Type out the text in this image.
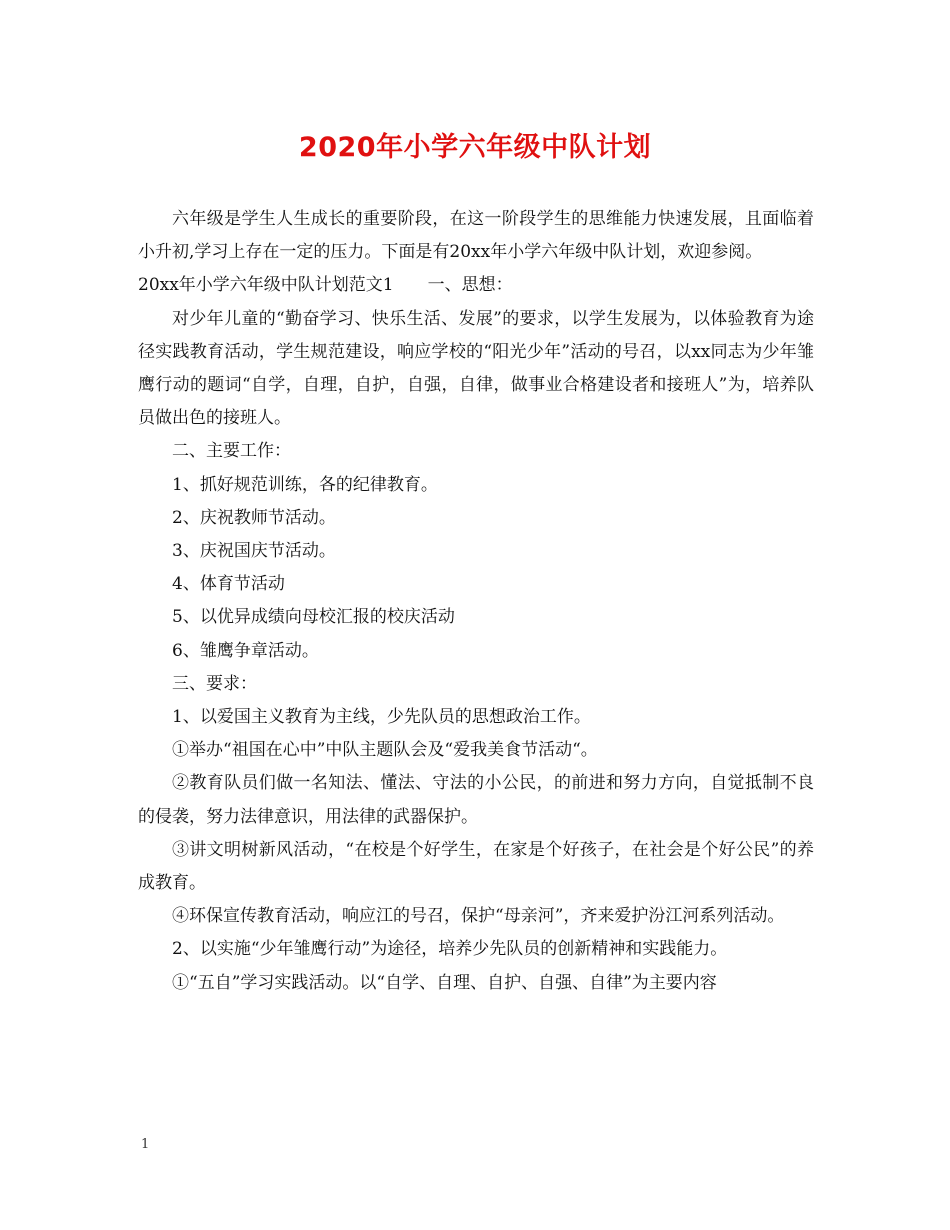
2020年小学六年级中队计划

六年级是学生人生成长的重要阶段，在这一阶段学生的思维能力快速发展，且面临着小升初,学习上存在一定的压力。下面是有20xx年小学六年级中队计划，欢迎参阅。

20xx年小学六年级中队计划范文1　　一、思想：

对少年儿童的“勤奋学习、快乐生活、发展”的要求，以学生发展为，以体验教育为途径实践教育活动，学生规范建设，响应学校的“阳光少年”活动的号召，以xx同志为少年雏鹰行动的题词“自学，自理，自护，自强，自律，做事业合格建设者和接班人”为，培养队员做出色的接班人。

二、主要工作：

1、抓好规范训练，各的纪律教育。

2、庆祝教师节活动。

3、庆祝国庆节活动。

4、体育节活动

5、以优异成绩向母校汇报的校庆活动

6、雏鹰争章活动。

三、要求：

1、以爱国主义教育为主线，少先队员的思想政治工作。

①举办“祖国在心中”中队主题队会及“爱我美食节活动“。

②教育队员们做一名知法、懂法、守法的小公民，的前进和努力方向，自觉抵制不良的侵袭，努力法律意识，用法律的武器保护。

③讲文明树新风活动，“在校是个好学生，在家是个好孩子，在社会是个好公民”的养成教育。

④环保宣传教育活动，响应江的号召，保护“母亲河”，齐来爱护汾江河系列活动。

2、以实施“少年雏鹰行动”为途径，培养少先队员的创新精神和实践能力。

①“五自”学习实践活动。以“自学、自理、自护、自强、自律”为主要内容

1
